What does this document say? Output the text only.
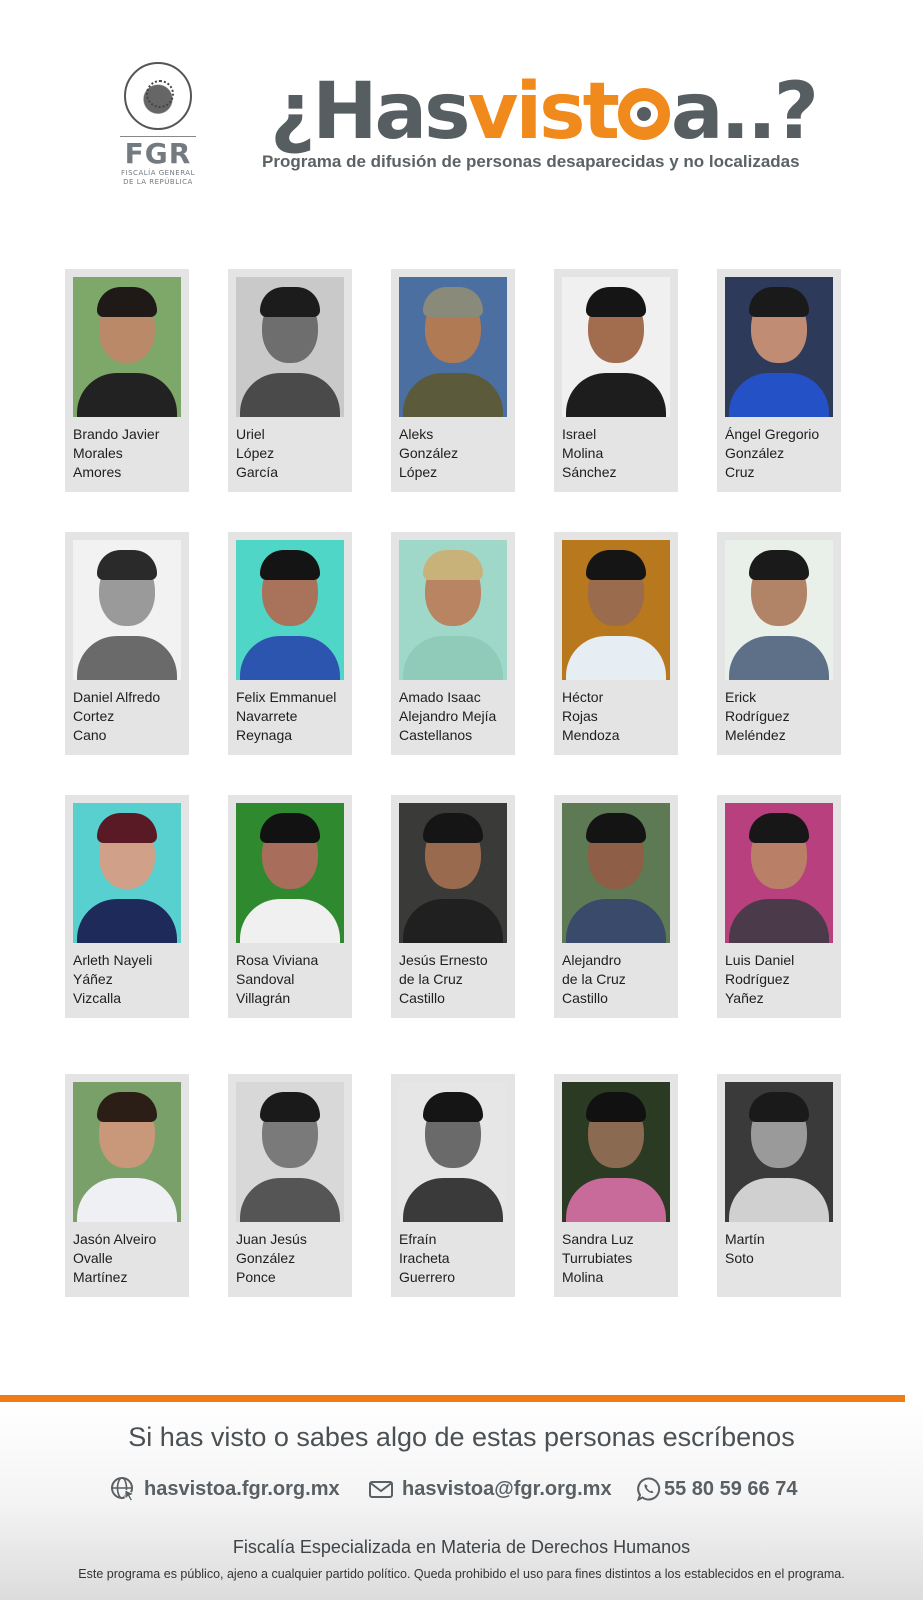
FGR
FISCALÍA GENERAL
DE LA REPÚBLICA
¿Hasvist a..?
Programa de difusión de personas desaparecidas y no localizadas
Brando Javier
Morales
Amores
Uriel
López
García
Aleks
González
López
Israel
Molina
Sánchez
Ángel Gregorio
González
Cruz
Daniel Alfredo
Cortez
Cano
Felix Emmanuel
Navarrete
Reynaga
Amado Isaac
Alejandro Mejía
Castellanos
Héctor
Rojas
Mendoza
Erick
Rodríguez
Meléndez
Arleth Nayeli
Yáñez
Vizcalla
Rosa Viviana
Sandoval
Villagrán
Jesús Ernesto
de la Cruz
Castillo
Alejandro
de la Cruz
Castillo
Luis Daniel
Rodríguez
Yañez
Jasón Alveiro
Ovalle
Martínez
Juan Jesús
González
Ponce
Efraín
Iracheta
Guerrero
Sandra Luz
Turrubiates
Molina
Martín
Soto
Si has visto o sabes algo de estas personas escríbenos
hasvistoa.fgr.org.mx	hasvistoa@fgr.org.mx	55 80 59 66 74
Fiscalía Especializada en Materia de Derechos Humanos
Este programa es público, ajeno a cualquier partido político. Queda prohibido el uso para fines distintos a los establecidos en el programa.
